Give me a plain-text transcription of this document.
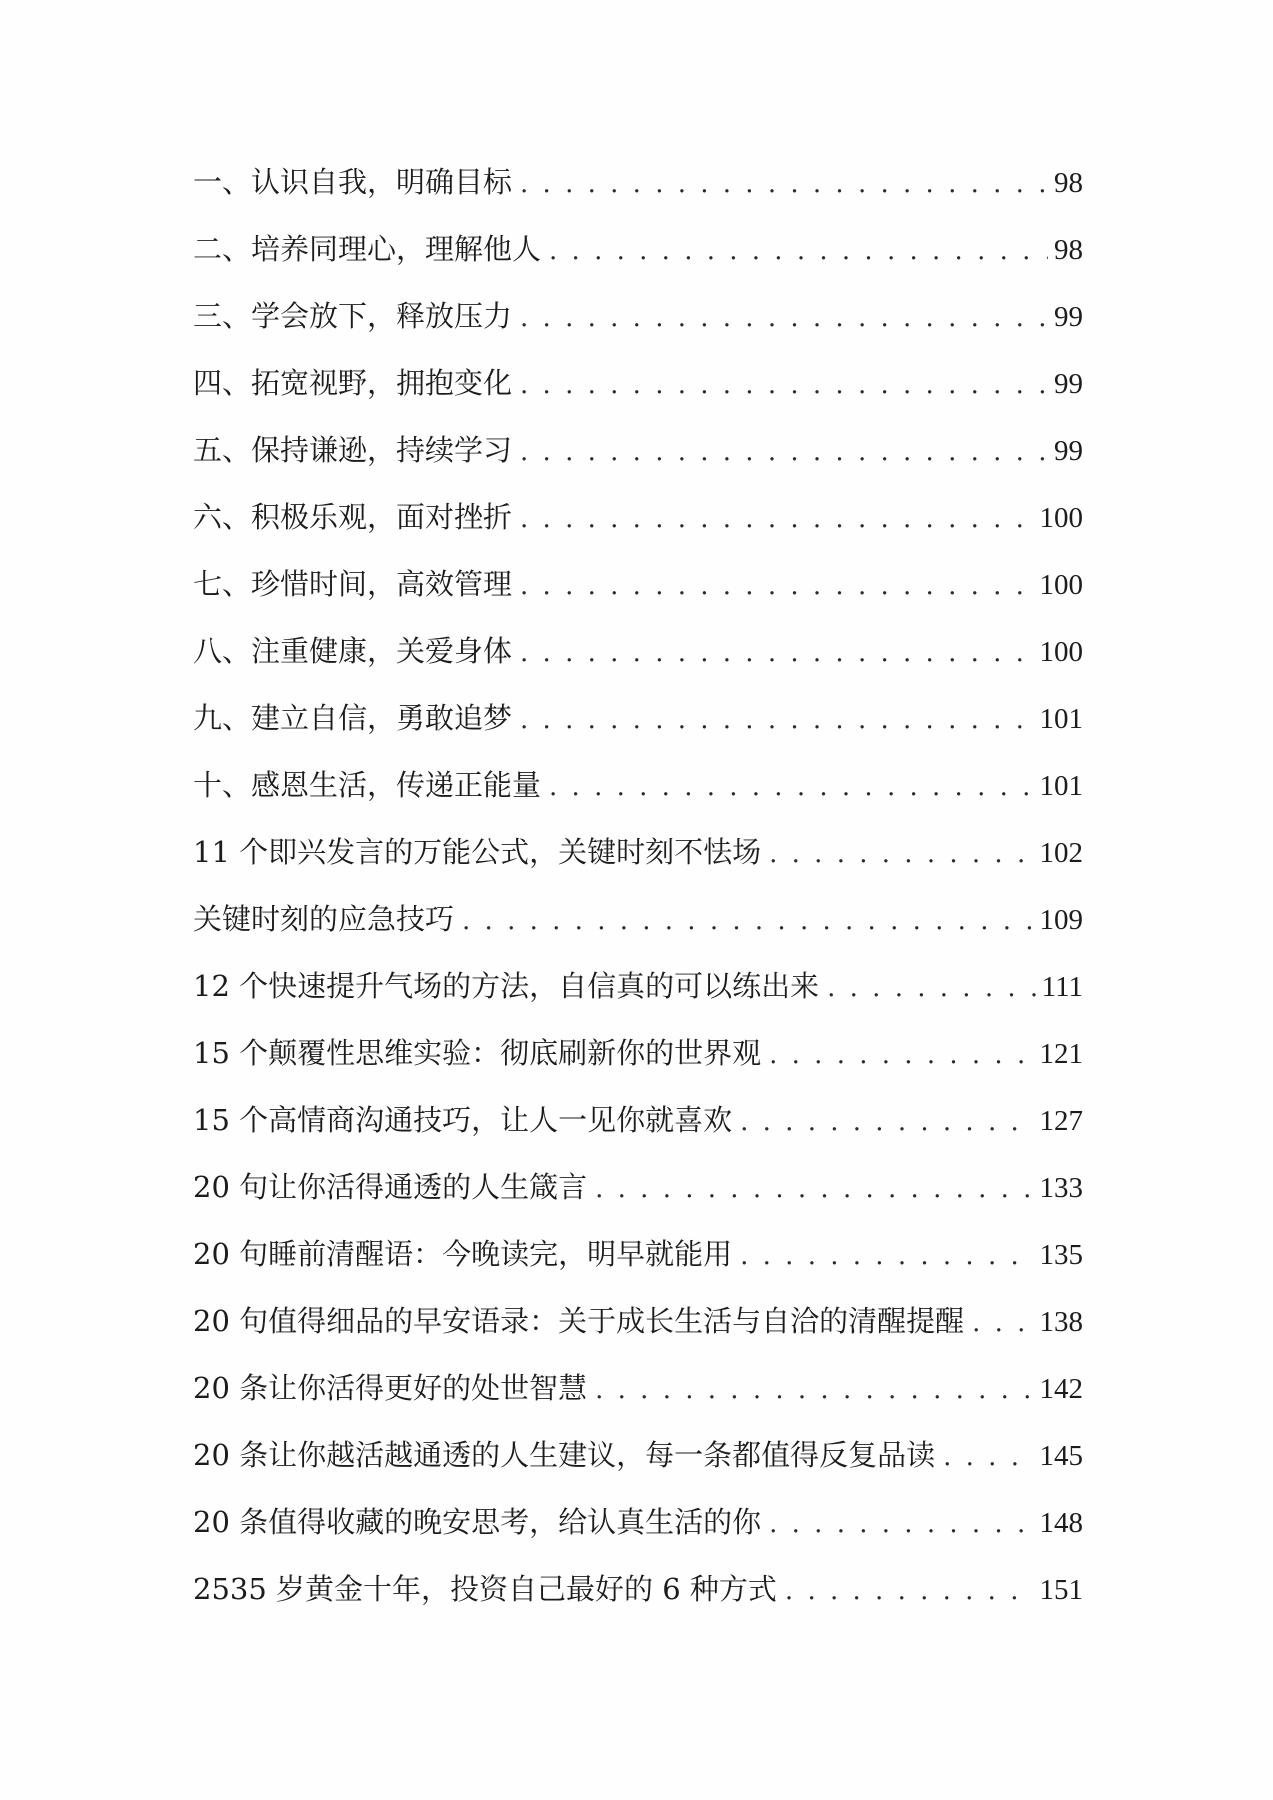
一、认识自我，明确目标 . . .	98
二、培养同理心，理解他人 . . .	98
三、学会放下，释放压力 . . .	99
四、拓宽视野，拥抱变化 . . .	99
五、保持谦逊，持续学习 . . .	99
六、积极乐观，面对挫折 . . .	100
七、珍惜时间，高效管理 . . .	100
八、注重健康，关爱身体 . . .	100
九、建立自信，勇敢追梦 . . .	101
十、感恩生活，传递正能量 . . .	101
11 个即兴发言的万能公式，关键时刻不怯场 . . .	102
关键时刻的应急技巧 . . .	109
12 个快速提升气场的方法，自信真的可以练出来 . . .	111
15 个颠覆性思维实验：彻底刷新你的世界观 . . .	121
15 个高情商沟通技巧，让人一见你就喜欢 . . .	127
20 句让你活得通透的人生箴言 . . .	133
20 句睡前清醒语：今晚读完，明早就能用 . . .	135
20 句值得细品的早安语录：关于成长生活与自洽的清醒提醒 . . .	138
20 条让你活得更好的处世智慧 . . .	142
20 条让你越活越通透的人生建议，每一条都值得反复品读 . . .	145
20 条值得收藏的晚安思考，给认真生活的你 . . .	148
2535 岁黄金十年，投资自己最好的 6 种方式 . . .	151
